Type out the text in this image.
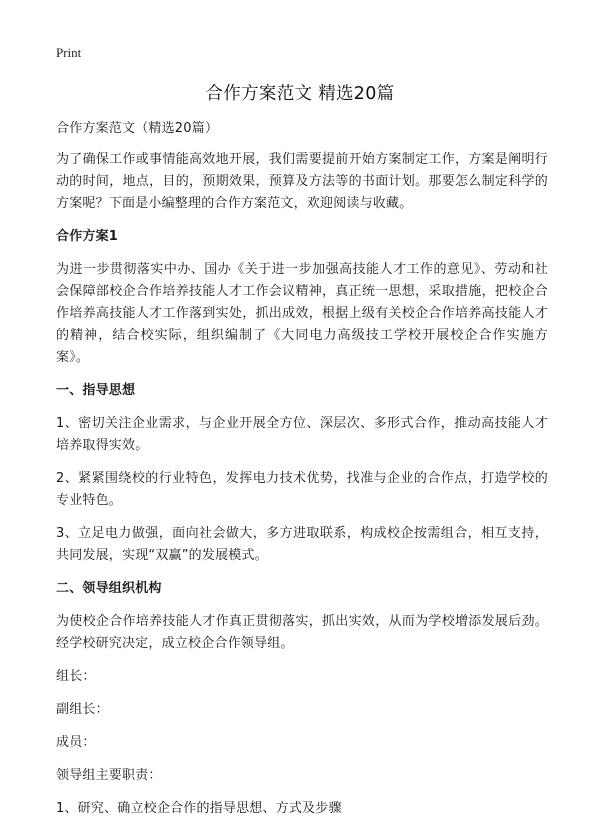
Print
合作方案范文 精选20篇

合作方案范文（精选20篇）

为了确保工作或事情能高效地开展，我们需要提前开始方案制定工作，方案是阐明行动的时间，地点，目的，预期效果，预算及方法等的书面计划。那要怎么制定科学的方案呢？下面是小编整理的合作方案范文，欢迎阅读与收藏。

合作方案1

为进一步贯彻落实中办、国办《关于进一步加强高技能人才工作的意见》、劳动和社会保障部校企合作培养技能人才工作会议精神，真正统一思想，采取措施，把校企合作培养高技能人才工作落到实处，抓出成效，根据上级有关校企合作培养高技能人才的精神，结合校实际，组织编制了《大同电力高级技工学校开展校企合作实施方案》。

一、指导思想

1、密切关注企业需求，与企业开展全方位、深层次、多形式合作，推动高技能人才培养取得实效。

2、紧紧围绕校的行业特色，发挥电力技术优势，找准与企业的合作点，打造学校的专业特色。

3、立足电力做强，面向社会做大，多方进取联系，构成校企按需组合，相互支持，共同发展，实现“双赢”的发展模式。

二、领导组织机构

为使校企合作培养技能人才作真正贯彻落实，抓出实效，从而为学校增添发展后劲。经学校研究决定，成立校企合作领导组。

组长：

副组长：

成员：

领导组主要职责：

1、研究、确立校企合作的指导思想、方式及步骤
